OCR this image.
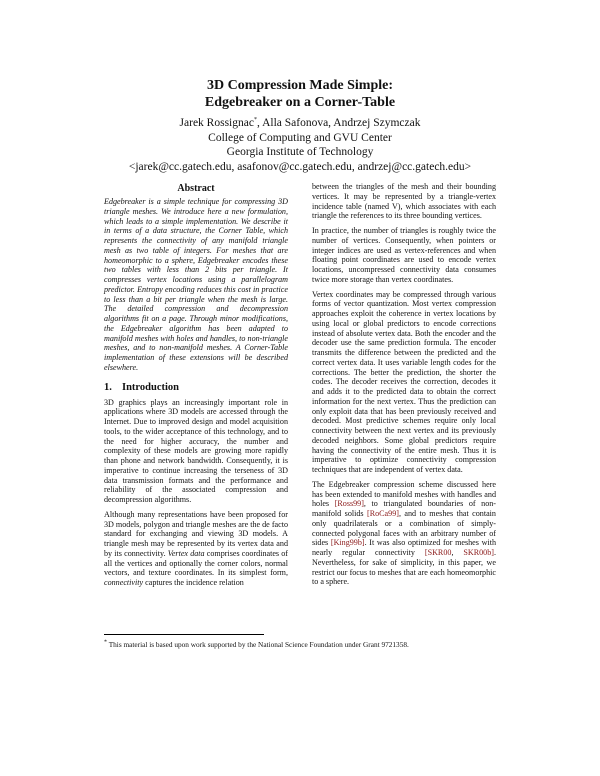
3D Compression Made Simple:
Edgebreaker on a Corner-Table
Jarek Rossignac*, Alla Safonova, Andrzej Szymczak
College of Computing and GVU Center
Georgia Institute of Technology
<jarek@cc.gatech.edu, asafonov@cc.gatech.edu, andrzej@cc.gatech.edu>
Abstract

Edgebreaker is a simple technique for compressing 3D triangle meshes. We introduce here a new formulation, which leads to a simple implementation. We describe it in terms of a data structure, the Corner Table, which represents the connectivity of any manifold triangle mesh as two table of integers. For meshes that are homeomorphic to a sphere, Edgebreaker encodes these two tables with less than 2 bits per triangle. It compresses vertex locations using a parallelogram predictor. Entropy encoding reduces this cost in practice to less than a bit per triangle when the mesh is large. The detailed compression and decompression algorithms fit on a page. Through minor modifications, the Edgebreaker algorithm has been adapted to manifold meshes with holes and handles, to non-triangle meshes, and to non-manifold meshes. A Corner-Table implementation of these extensions will be described elsewhere.

1. Introduction

3D graphics plays an increasingly important role in applications where 3D models are accessed through the Internet. Due to improved design and model acquisition tools, to the wider acceptance of this technology, and to the need for higher accuracy, the number and complexity of these models are growing more rapidly than phone and network bandwidth. Consequently, it is imperative to continue increasing the terseness of 3D data transmission formats and the performance and reliability of the associated compression and decompression algorithms.

Although many representations have been proposed for 3D models, polygon and triangle meshes are the de facto standard for exchanging and viewing 3D models. A triangle mesh may be represented by its vertex data and by its connectivity. Vertex data comprises coordinates of all the vertices and optionally the corner colors, normal vectors, and texture coordinates. In its simplest form, connectivity captures the incidence relation

between the triangles of the mesh and their bounding vertices. It may be represented by a triangle-vertex incidence table (named V), which associates with each triangle the references to its three bounding vertices.

In practice, the number of triangles is roughly twice the number of vertices. Consequently, when pointers or integer indices are used as vertex-references and when floating point coordinates are used to encode vertex locations, uncompressed connectivity data consumes twice more storage than vertex coordinates.

Vertex coordinates may be compressed through various forms of vector quantization. Most vertex compression approaches exploit the coherence in vertex locations by using local or global predictors to encode corrections instead of absolute vertex data. Both the encoder and the decoder use the same prediction formula. The encoder transmits the difference between the predicted and the correct vertex data. It uses variable length codes for the corrections. The better the prediction, the shorter the codes. The decoder receives the correction, decodes it and adds it to the predicted data to obtain the correct information for the next vertex. Thus the prediction can only exploit data that has been previously received and decoded. Most predictive schemes require only local connectivity between the next vertex and its previously decoded neighbors. Some global predictors require having the connectivity of the entire mesh. Thus it is imperative to optimize connectivity compression techniques that are independent of vertex data.

The Edgebreaker compression scheme discussed here has been extended to manifold meshes with handles and holes [Ross99], to triangulated boundaries of non-manifold solids [RoCa99], and to meshes that contain only quadrilaterals or a combination of simply-connected polygonal faces with an arbitrary number of sides [King99b]. It was also optimized for meshes with nearly regular connectivity [SKR00, SKR00b]. Nevertheless, for sake of simplicity, in this paper, we restrict our focus to meshes that are each homeomorphic to a sphere.

* This material is based upon work supported by the National Science Foundation under Grant 9721358.
